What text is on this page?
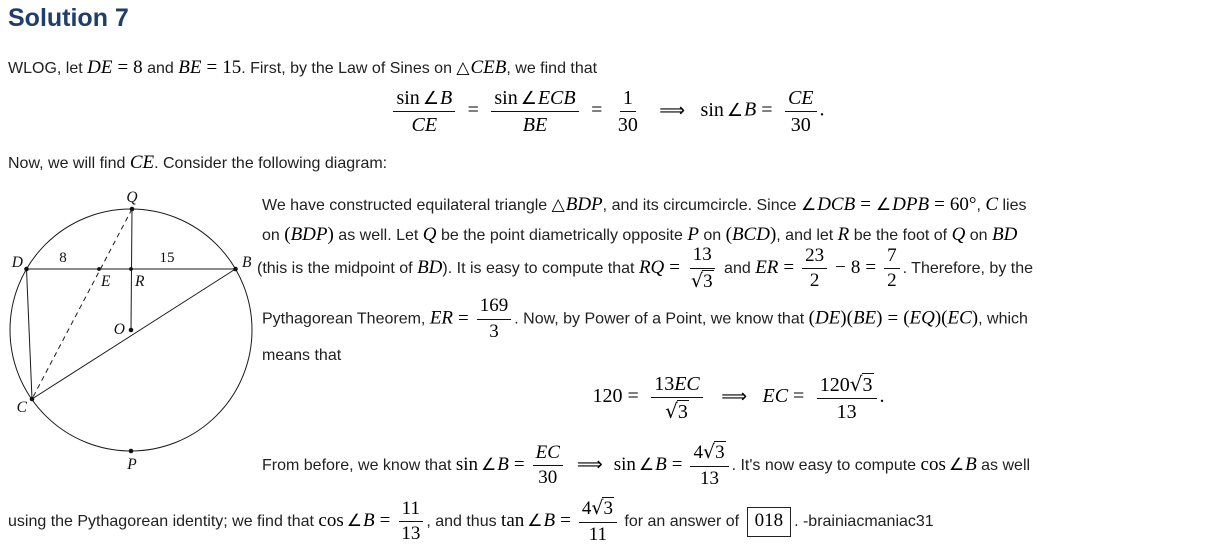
Solution 7
WLOG, let DE = 8 and BE = 15. First, by the Law of Sines on △CEB, we find that
$\frac{\sin \angle B}{CE} = \frac{\text{sin ∠ECB}}{BE} = \frac{1}{30}$ ⟹ sin ∠B = $\frac{CE}{30}$ .
Now, we will find CE. Consider the following diagram:
Q
D	B
8	15
E R
O
C
P
We have constructed equilateral triangle △BDP, and its circumcircle. Since ∠DCB = ∠DPB = 60°, C lies
on (BDP) as well. Let Q be the point diametrically opposite P on (BCD), and let R be the foot of Q on BD
(this is the midpoint of BD). It is easy to compute that RQ = $\frac{13}{√3}$ and ER = $\frac{23}{2} - 8 = \frac{7}{2}$ . Therefore, by the
Pythagorean Theorem, ER = $\frac{169}{3}$ . Now, by Power of a Point, we know that (DE)(BE) = (EQ)(EC), which
means that
$120 = \frac{13EC}{√3}$ ⟹ EC = $\frac{120√3}{13}$ .
From before, we know that sin ∠B = $\frac{EC}{30}$ ⟹ sin ∠B = $\frac{4√3}{13}$ . It's now easy to compute cos ∠B as well
using the Pythagorean identity; we find that cos ∠B = $\frac{11}{13}$ , and thus tan ∠B = $\frac{4√3}{11}$ for an answer of 018 . -brainiacmaniac31
